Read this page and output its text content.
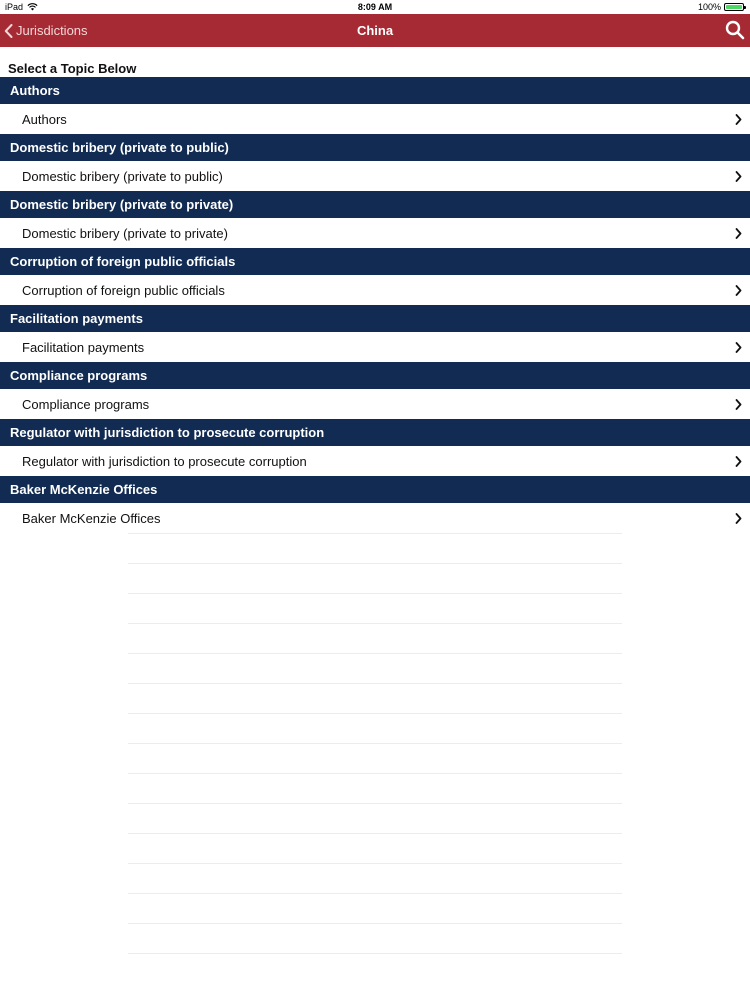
iPad	8:09 AM	100%
Jurisdictions	China
Select a Topic Below
Authors
Authors
Domestic bribery (private to public)
Domestic bribery (private to public)
Domestic bribery (private to private)
Domestic bribery (private to private)
Corruption of foreign public officials
Corruption of foreign public officials
Facilitation payments
Facilitation payments
Compliance programs
Compliance programs
Regulator with jurisdiction to prosecute corruption
Regulator with jurisdiction to prosecute corruption
Baker McKenzie Offices
Baker McKenzie Offices
